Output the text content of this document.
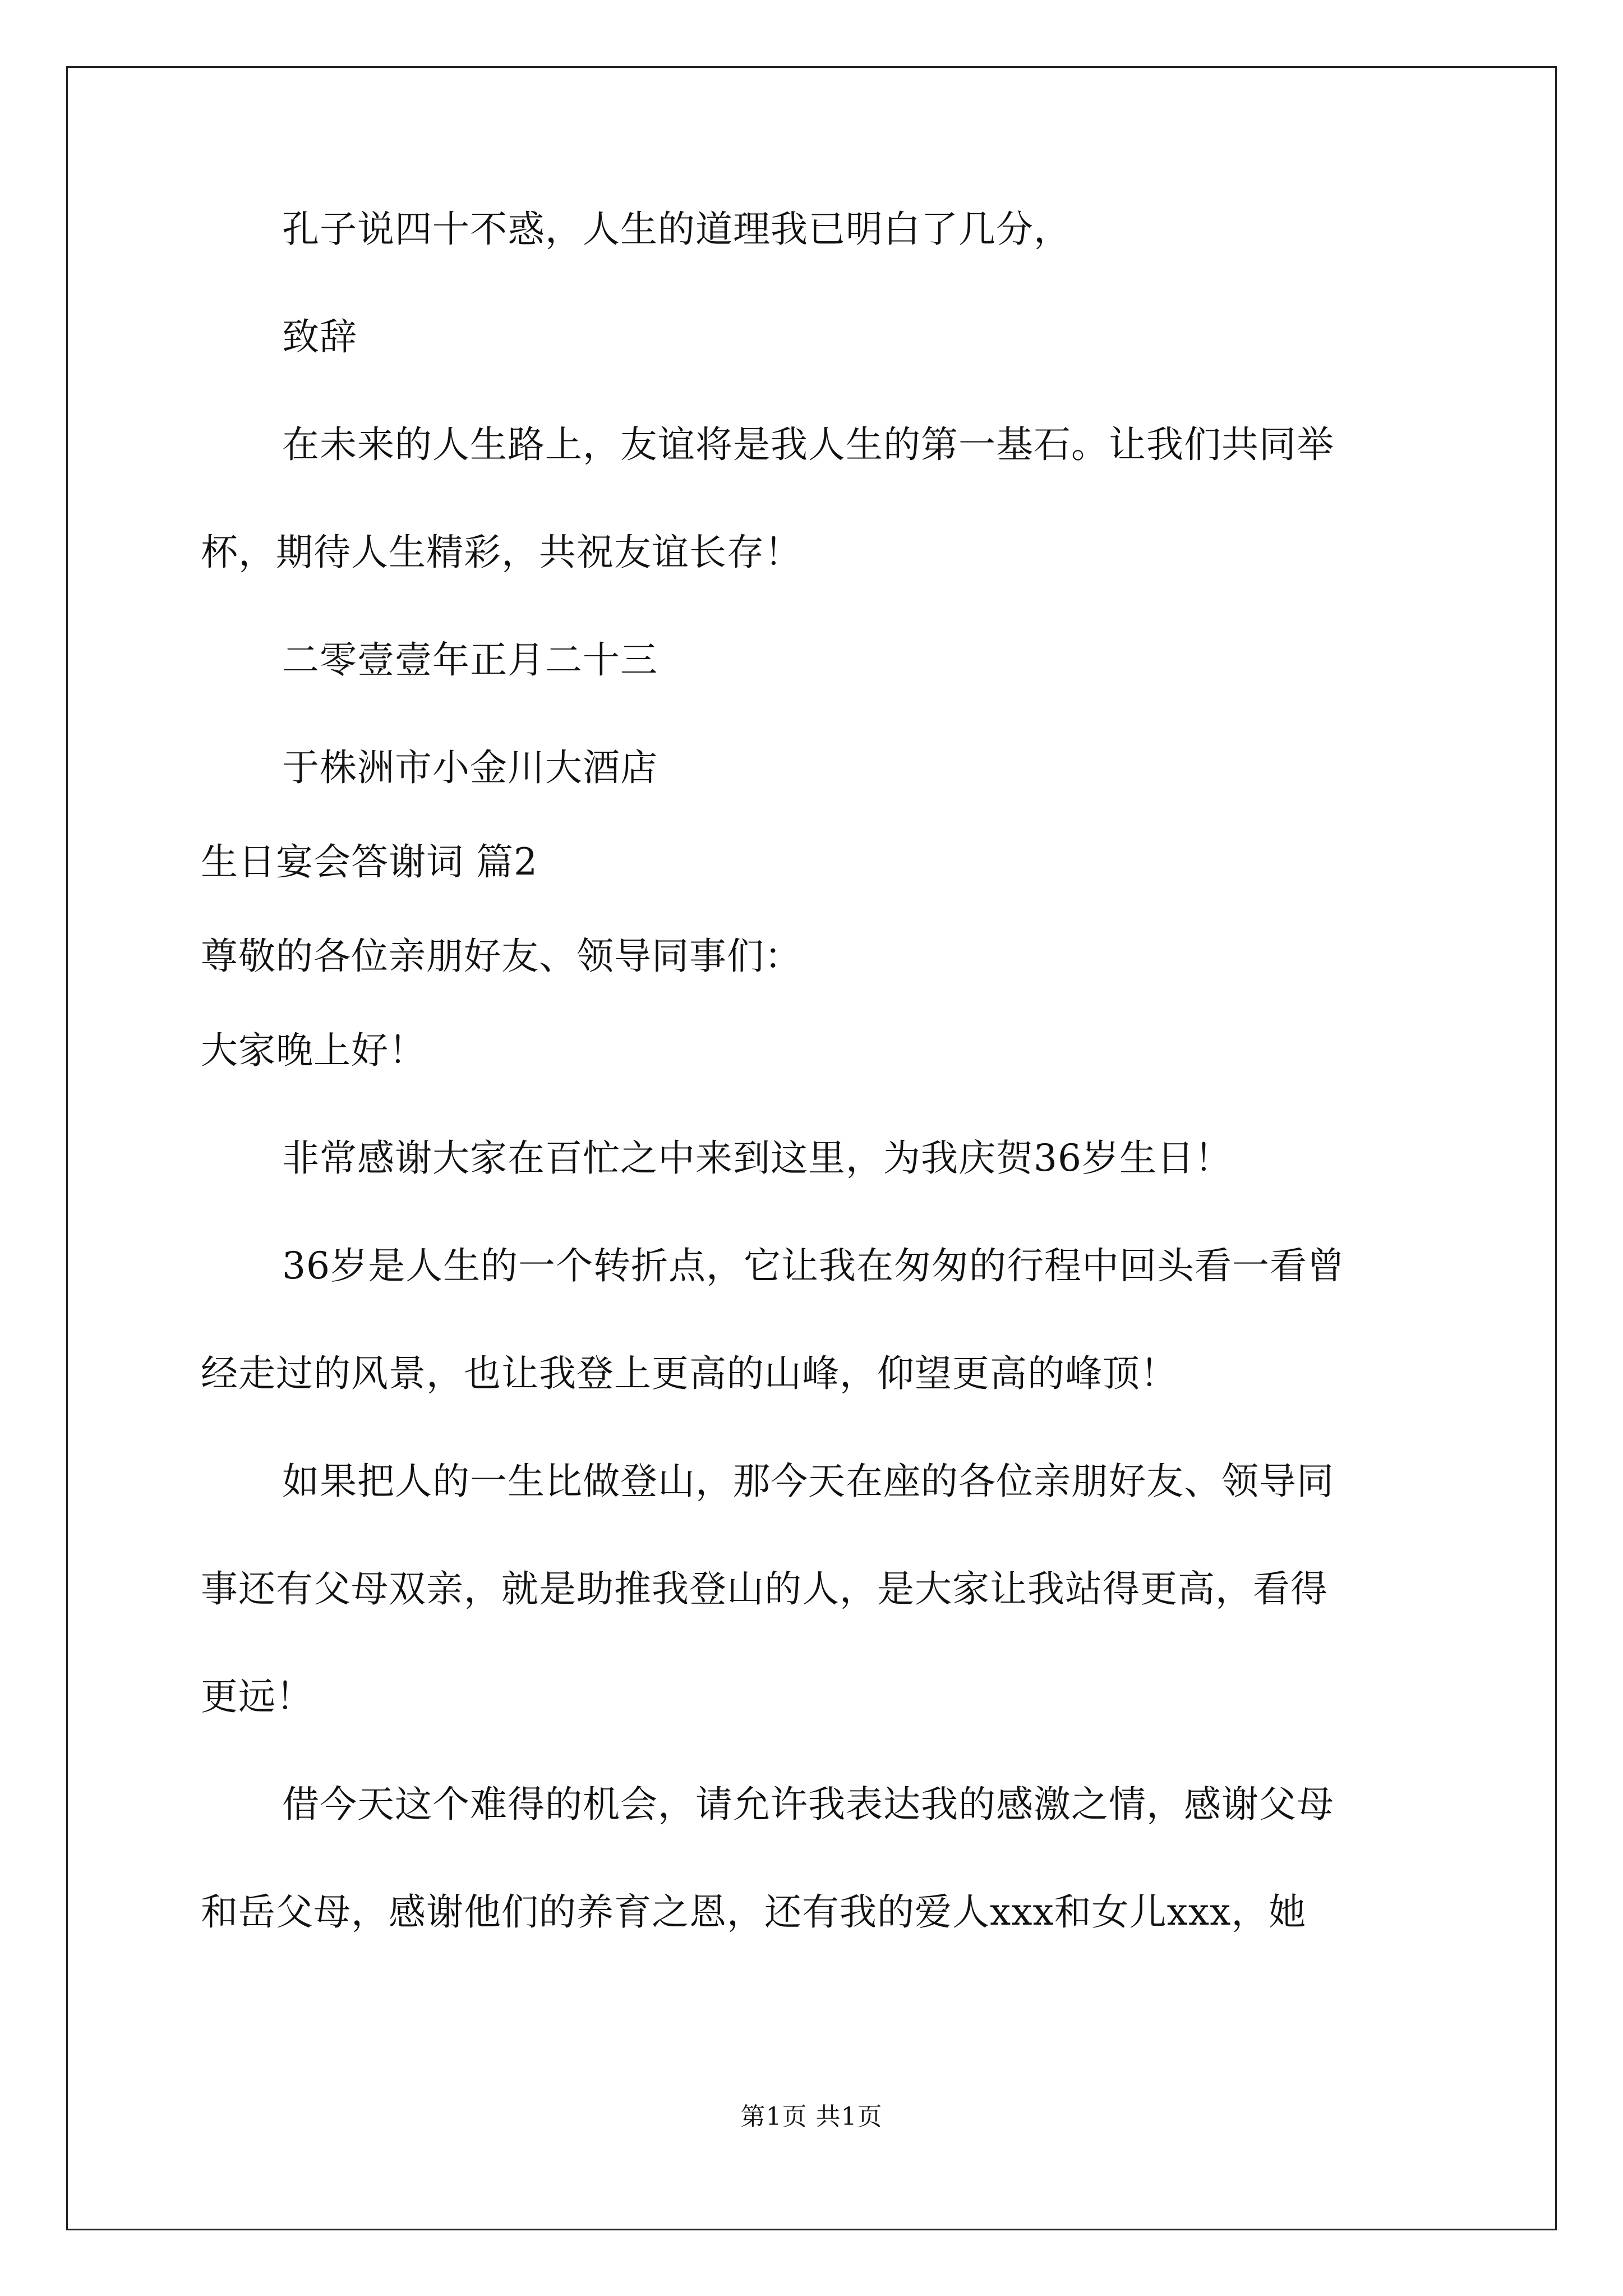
孔子说四十不惑，人生的道理我已明白了几分，
致辞
在未来的人生路上，友谊将是我人生的第一基石。让我们共同举
杯，期待人生精彩，共祝友谊长存！
二零壹壹年正月二十三
于株洲市小金川大酒店
生日宴会答谢词 篇2
尊敬的各位亲朋好友、领导同事们：
大家晚上好！
非常感谢大家在百忙之中来到这里，为我庆贺36岁生日！
36岁是人生的一个转折点，它让我在匆匆的行程中回头看一看曾
经走过的风景，也让我登上更高的山峰，仰望更高的峰顶！
如果把人的一生比做登山，那今天在座的各位亲朋好友、领导同
事还有父母双亲，就是助推我登山的人，是大家让我站得更高，看得
更远！
借今天这个难得的机会，请允许我表达我的感激之情，感谢父母
和岳父母，感谢他们的养育之恩，还有我的爱人xxx和女儿xxx，她
第1页 共1页
